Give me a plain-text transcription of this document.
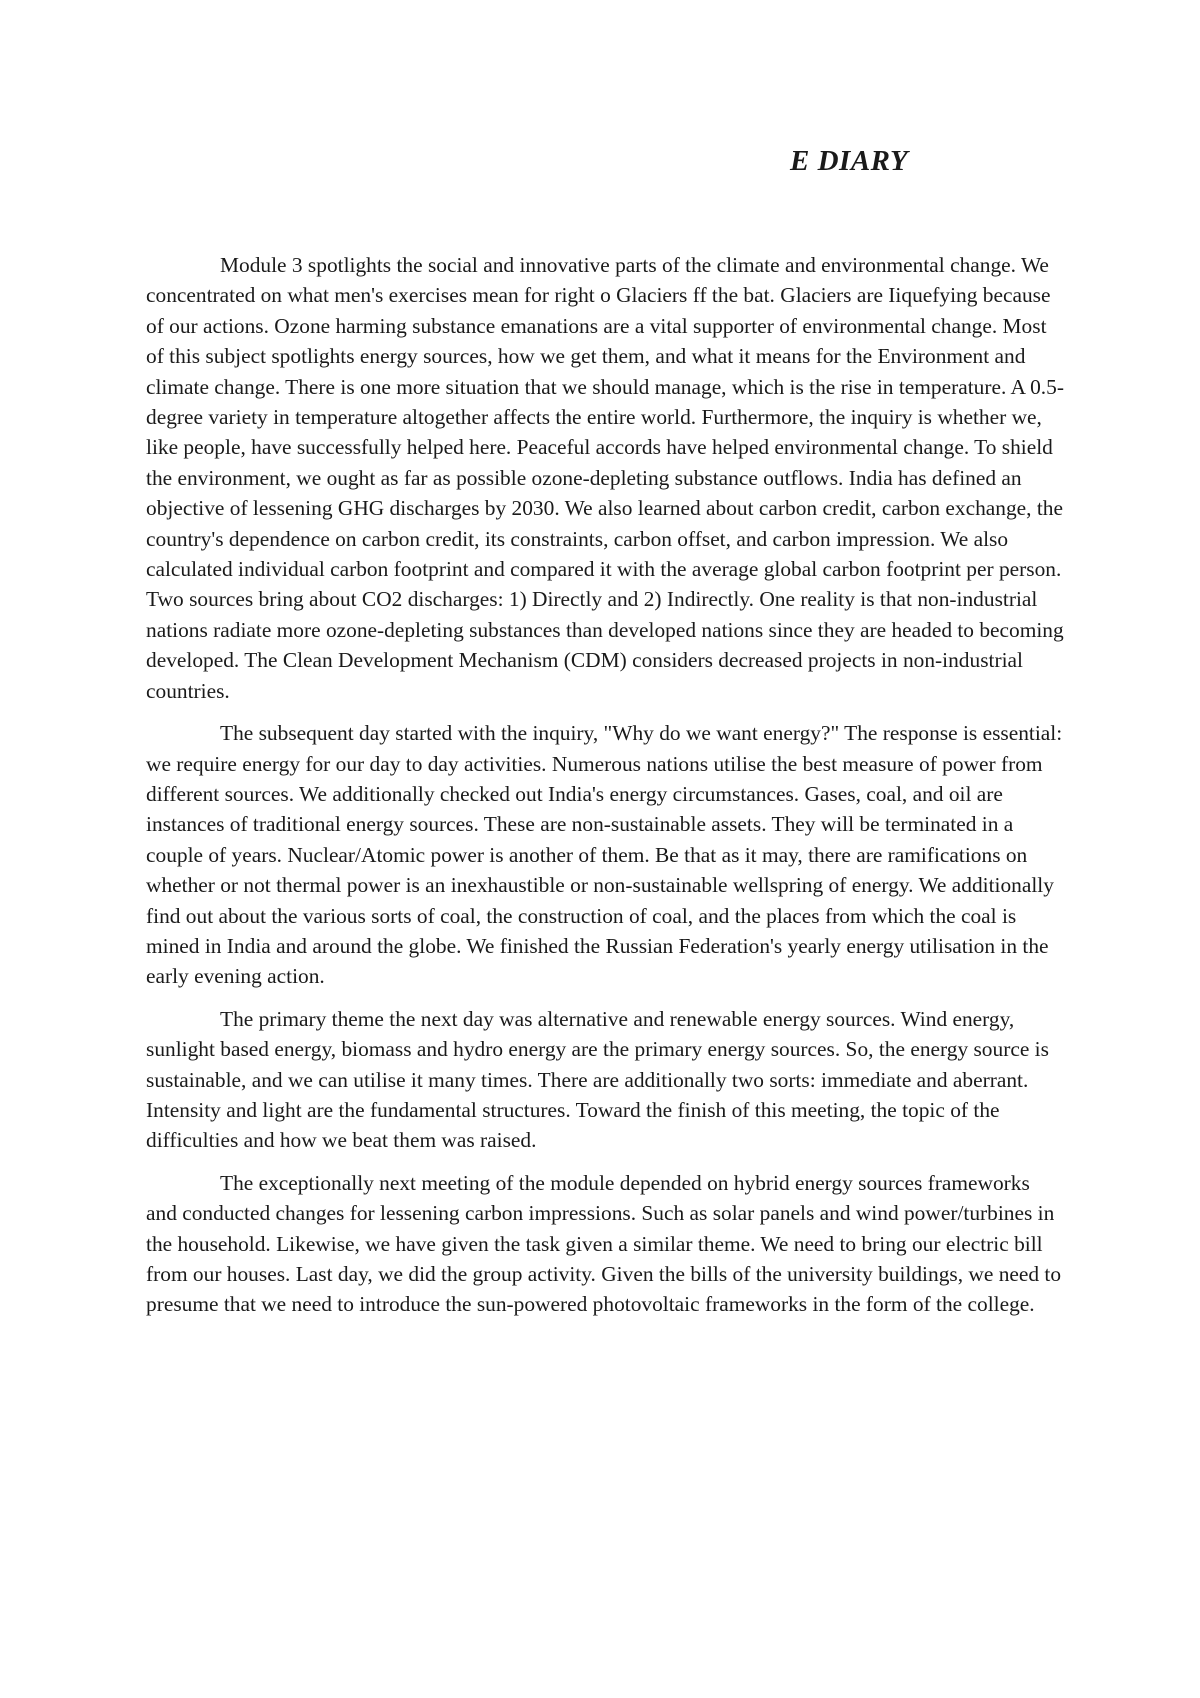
E DIARY

Module 3 spotlights the social and innovative parts of the climate and environmental change. We concentrated on what men's exercises mean for right o Glaciers ff the bat. Glaciers are Iiquefying because of our actions. Ozone harming substance emanations are a vital supporter of environmental change. Most of this subject spotlights energy sources, how we get them, and what it means for the Environment and climate change. There is one more situation that we should manage, which is the rise in temperature. A 0.5-degree variety in temperature altogether affects the entire world. Furthermore, the inquiry is whether we, like people, have successfully helped here. Peaceful accords have helped environmental change. To shield the environment, we ought as far as possible ozone-depleting substance outflows. India has defined an objective of lessening GHG discharges by 2030. We also learned about carbon credit, carbon exchange, the country's dependence on carbon credit, its constraints, carbon offset, and carbon impression. We also calculated individual carbon footprint and compared it with the average global carbon footprint per person. Two sources bring about CO2 discharges: 1) Directly and 2) Indirectly. One reality is that non-industrial nations radiate more ozone-depleting substances than developed nations since they are headed to becoming developed. The Clean Development Mechanism (CDM) considers decreased projects in non-industrial countries.

The subsequent day started with the inquiry, "Why do we want energy?" The response is essential: we require energy for our day to day activities. Numerous nations utilise the best measure of power from different sources. We additionally checked out India's energy circumstances. Gases, coal, and oil are instances of traditional energy sources. These are non-sustainable assets. They will be terminated in a couple of years. Nuclear/Atomic power is another of them. Be that as it may, there are ramifications on whether or not thermal power is an inexhaustible or non-sustainable wellspring of energy. We additionally find out about the various sorts of coal, the construction of coal, and the places from which the coal is mined in India and around the globe. We finished the Russian Federation's yearly energy utilisation in the early evening action.

The primary theme the next day was alternative and renewable energy sources. Wind energy, sunlight based energy, biomass and hydro energy are the primary energy sources. So, the energy source is sustainable, and we can utilise it many times. There are additionally two sorts: immediate and aberrant. Intensity and light are the fundamental structures. Toward the finish of this meeting, the topic of the difficulties and how we beat them was raised.

The exceptionally next meeting of the module depended on hybrid energy sources frameworks and conducted changes for lessening carbon impressions. Such as solar panels and wind power/turbines in the household. Likewise, we have given the task given a similar theme. We need to bring our electric bill from our houses. Last day, we did the group activity. Given the bills of the university buildings, we need to presume that we need to introduce the sun-powered photovoltaic frameworks in the form of the college.
